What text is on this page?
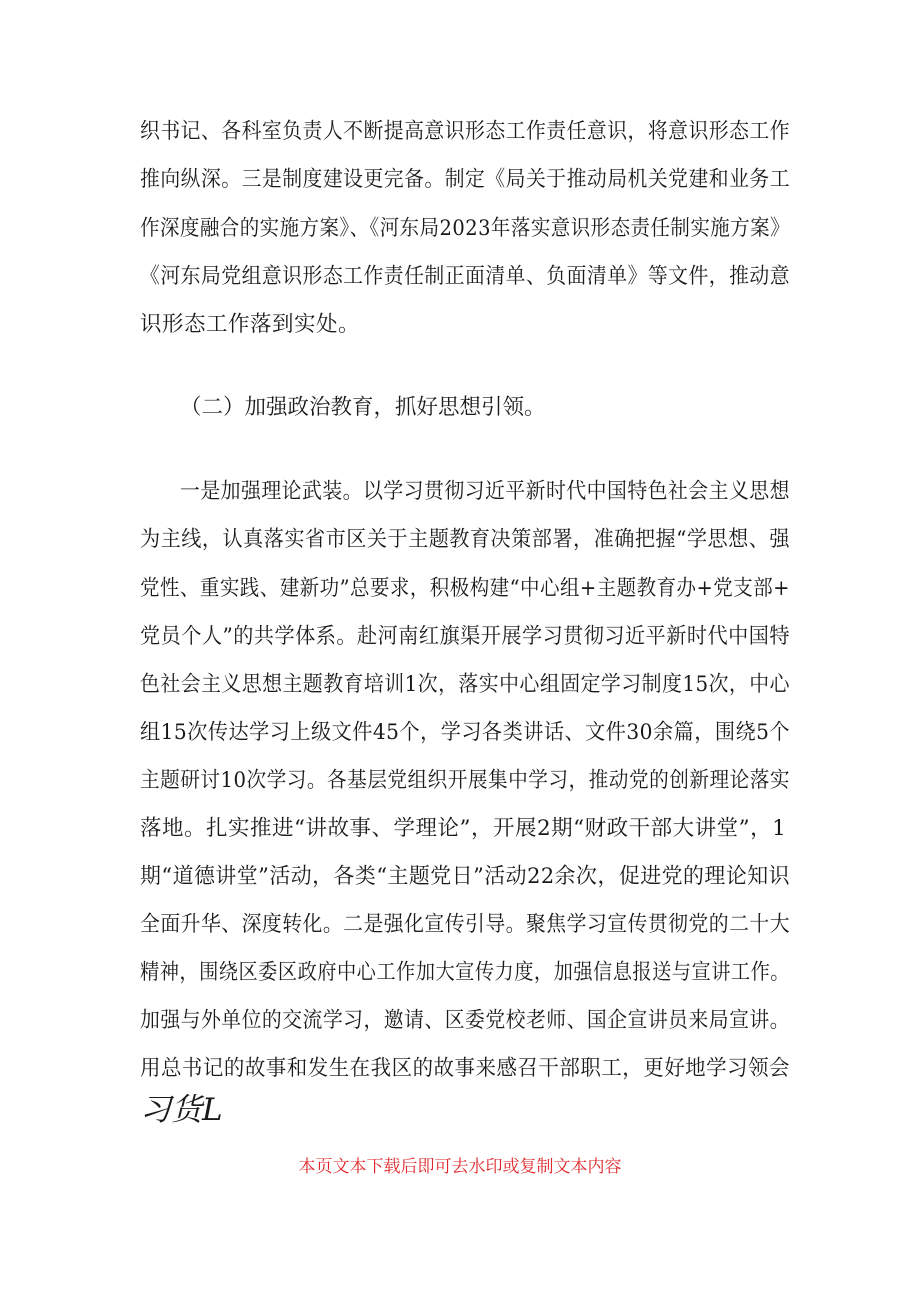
织书记、各科室负责人不断提高意识形态工作责任意识，将意识形态工作
推向纵深。三是制度建设更完备。制定《局关于推动局机关党建和业务工
作深度融合的实施方案》、《河东局2023年落实意识形态责任制实施方案》
《河东局党组意识形态工作责任制正面清单、负面清单》等文件，推动意
识形态工作落到实处。
（二）加强政治教育，抓好思想引领。
一是加强理论武装。以学习贯彻习近平新时代中国特色社会主义思想
为主线，认真落实省市区关于主题教育决策部署，准确把握“学思想、强
党性、重实践、建新功”总要求，积极构建“中心组+主题教育办+党支部+
党员个人”的共学体系。赴河南红旗渠开展学习贯彻习近平新时代中国特
色社会主义思想主题教育培训1次，落实中心组固定学习制度15次，中心
组15次传达学习上级文件45个，学习各类讲话、文件30余篇，围绕5个
主题研讨10次学习。各基层党组织开展集中学习，推动党的创新理论落实
落地。扎实推进“讲故事、学理论”，开展2期“财政干部大讲堂”，1
期“道德讲堂”活动，各类“主题党日”活动22余次，促进党的理论知识
全面升华、深度转化。二是强化宣传引导。聚焦学习宣传贯彻党的二十大
精神，围绕区委区政府中心工作加大宣传力度，加强信息报送与宣讲工作。
加强与外单位的交流学习，邀请、区委党校老师、国企宣讲员来局宣讲。
用总书记的故事和发生在我区的故事来感召干部职工，更好地学习领会
习货L
本页文本下载后即可去水印或复制文本内容
